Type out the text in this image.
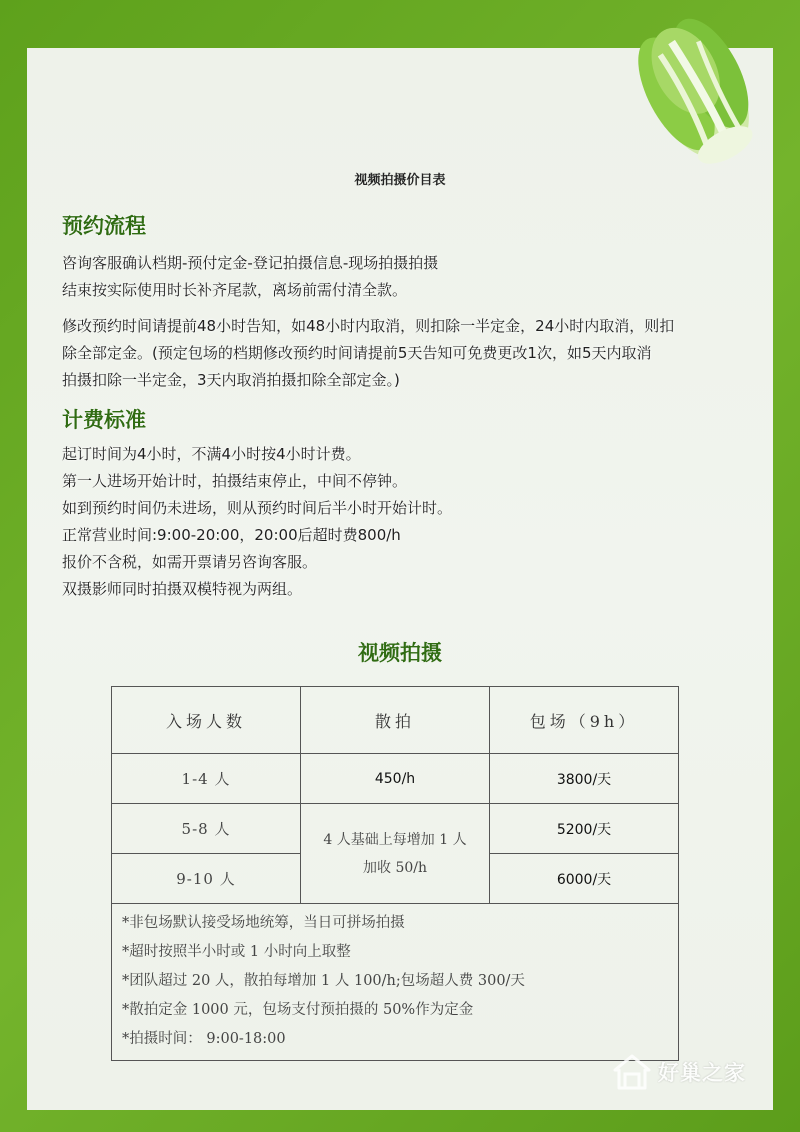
视频拍摄价目表
预约流程
咨询客服确认档期-预付定金-登记拍摄信息-现场拍摄拍摄
结束按实际使用时长补齐尾款，离场前需付清全款。
修改预约时间请提前48小时告知，如48小时内取消，则扣除一半定金，24小时内取消，则扣
除全部定金。(预定包场的档期修改预约时间请提前5天告知可免费更改1次，如5天内取消
拍摄扣除一半定金，3天内取消拍摄扣除全部定金。)
计费标准
起订时间为4小时，不满4小时按4小时计费。
第一人进场开始计时，拍摄结束停止，中间不停钟。
如到预约时间仍未进场，则从预约时间后半小时开始计时。
正常营业时间:9:00-20:00，20:00后超时费800/h
报价不含税，如需开票请另咨询客服。
双摄影师同时拍摄双模特视为两组。
视频拍摄
入场人数	散拍	包场（9h）
1-4 人	450/h	3800/天
5-8 人	4 人基础上每增加 1 人
加收 50/h	5200/天
9-10 人		6000/天

*非包场默认接受场地统筹，当日可拼场拍摄
*超时按照半小时或 1 小时向上取整
*团队超过 20 人，散拍每增加 1 人 100/h;包场超人费 300/天
*散拍定金 1000 元，包场支付预拍摄的 50%作为定金
*拍摄时间： 9:00-18:00		
好巢之家
